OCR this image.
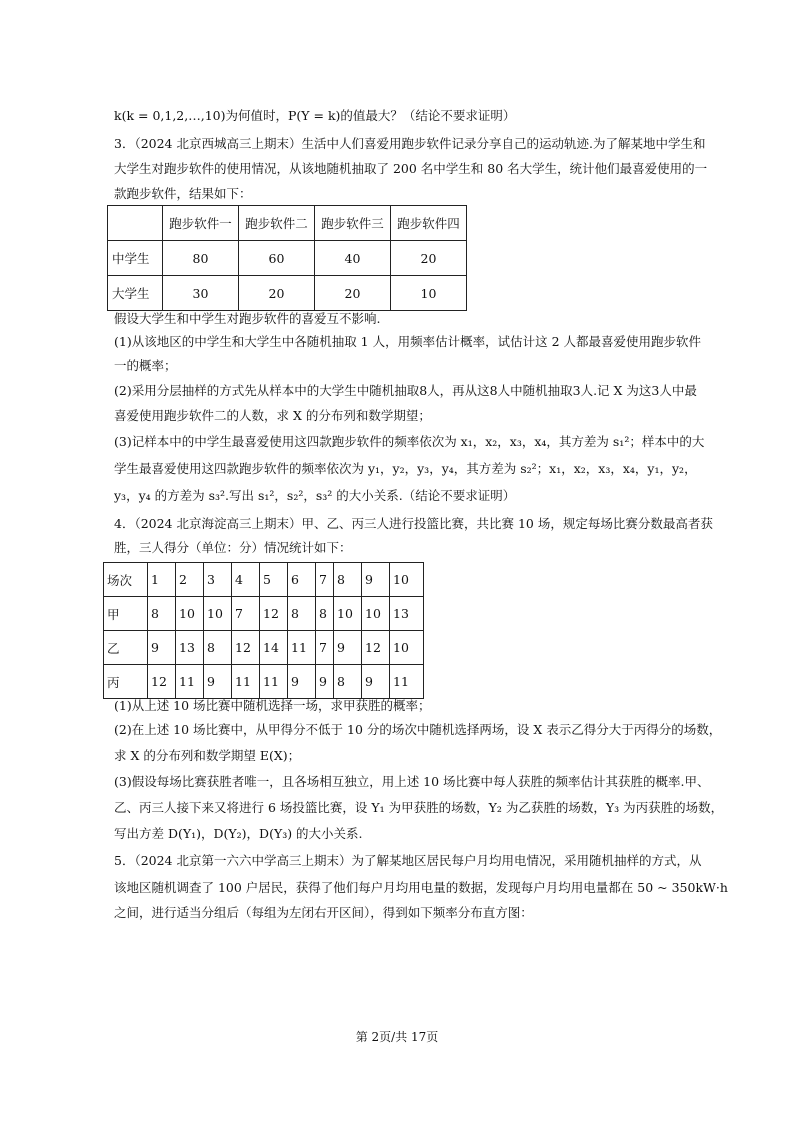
k(k = 0,1,2,…,10)为何值时，P(Y = k)的值最大？（结论不要求证明）
3．（2024 北京西城高三上期末）生活中人们喜爱用跑步软件记录分享自己的运动轨迹.为了解某地中学生和
大学生对跑步软件的使用情况，从该地随机抽取了 200 名中学生和 80 名大学生，统计他们最喜爱使用的一
款跑步软件，结果如下：
	跑步软件一	跑步软件二	跑步软件三	跑步软件四
中学生	80	60	40	20
大学生	30	20	20	10
假设大学生和中学生对跑步软件的喜爱互不影响.
(1)从该地区的中学生和大学生中各随机抽取 1 人，用频率估计概率，试估计这 2 人都最喜爱使用跑步软件
一的概率；
(2)采用分层抽样的方式先从样本中的大学生中随机抽取8人，再从这8人中随机抽取3人.记 X 为这3人中最
喜爱使用跑步软件二的人数，求 X 的分布列和数学期望；
(3)记样本中的中学生最喜爱使用这四款跑步软件的频率依次为 x₁，x₂，x₃，x₄，其方差为 s₁²；样本中的大
学生最喜爱使用这四款跑步软件的频率依次为 y₁，y₂，y₃，y₄，其方差为 s₂²；x₁，x₂，x₃，x₄，y₁，y₂，
y₃，y₄ 的方差为 s₃².写出 s₁²，s₂²，s₃² 的大小关系.（结论不要求证明）
4．（2024 北京海淀高三上期末）甲、乙、丙三人进行投篮比赛，共比赛 10 场，规定每场比赛分数最高者获
胜，三人得分（单位：分）情况统计如下：
场次	1	2	3	4	5	6	7	8	9	10
甲	8	10	10	7	12	8	8	10	10	13
乙	9	13	8	12	14	11	7	9	12	10
丙	12	11	9	11	11	9	9	8	9	11
(1)从上述 10 场比赛中随机选择一场，求甲获胜的概率；
(2)在上述 10 场比赛中，从甲得分不低于 10 分的场次中随机选择两场，设 X 表示乙得分大于丙得分的场数，
求 X 的分布列和数学期望 E(X)；
(3)假设每场比赛获胜者唯一，且各场相互独立，用上述 10 场比赛中每人获胜的频率估计其获胜的概率.甲、
乙、丙三人接下来又将进行 6 场投篮比赛，设 Y₁ 为甲获胜的场数，Y₂ 为乙获胜的场数，Y₃ 为丙获胜的场数，
写出方差 D(Y₁)，D(Y₂)，D(Y₃) 的大小关系.
5．（2024 北京第一六六中学高三上期末）为了解某地区居民每户月均用电情况，采用随机抽样的方式，从
该地区随机调查了 100 户居民，获得了他们每户月均用电量的数据，发现每户月均用电量都在 50 ~ 350kW·h
之间，进行适当分组后（每组为左闭右开区间），得到如下频率分布直方图：
第 2页/共 17页
